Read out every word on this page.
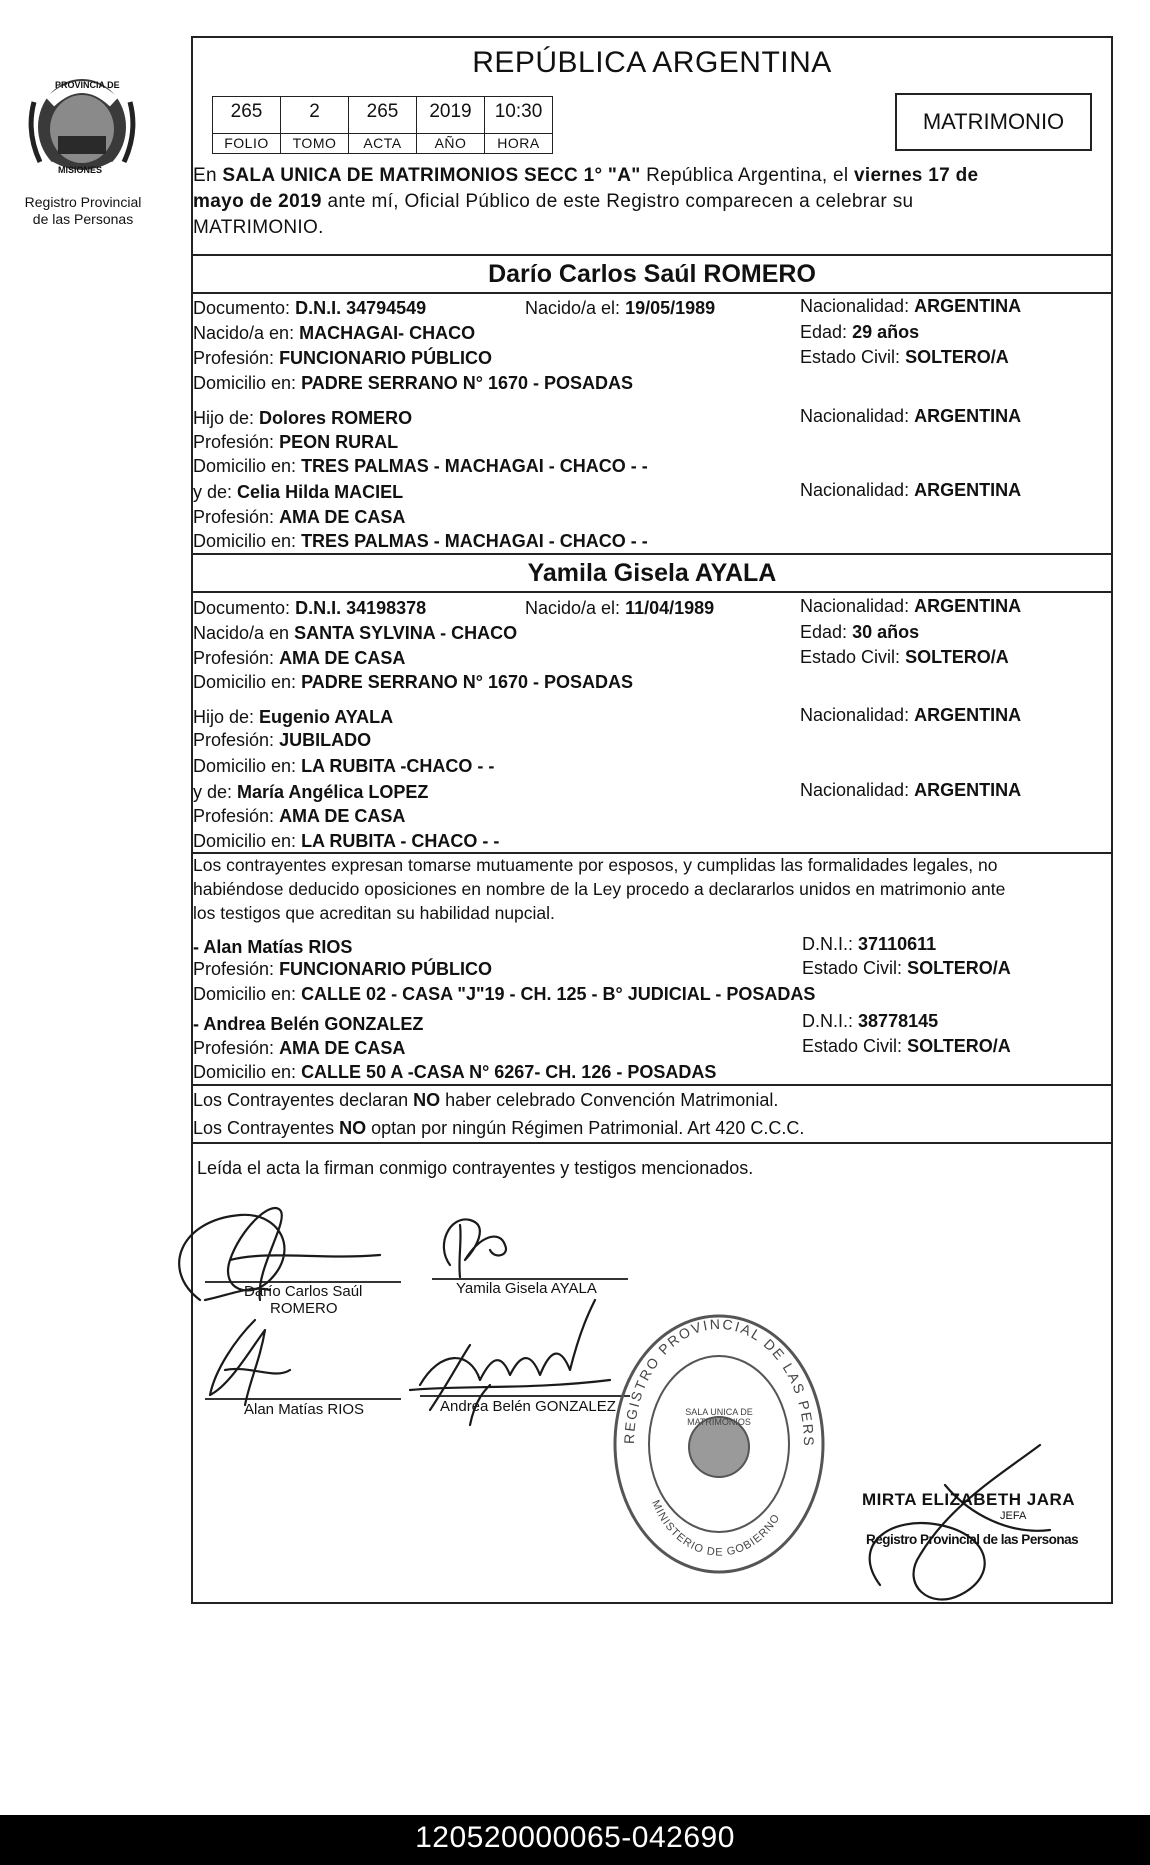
PROVINCIA DE
MISIONES
Registro Provincial
de las Personas
REPÚBLICA ARGENTINA
265	2	265	2019	10:30
FOLIO	TOMO	ACTA	AÑO	HORA
MATRIMONIO
En SALA UNICA DE MATRIMONIOS SECC 1° "A" República Argentina, el viernes 17 de
mayo de 2019 ante mí, Oficial Público de este Registro comparecen a celebrar su
MATRIMONIO.
Darío Carlos Saúl ROMERO
Documento: D.N.I. 34794549	Nacido/a el: 19/05/1989	Nacionalidad: ARGENTINA
Nacido/a en: MACHAGAI- CHACO	Edad: 29 años
Profesión: FUNCIONARIO PÚBLICO	Estado Civil: SOLTERO/A
Domicilio en: PADRE SERRANO N° 1670 - POSADAS
Hijo de: Dolores ROMERO	Nacionalidad: ARGENTINA
Profesión: PEON RURAL
Domicilio en: TRES PALMAS - MACHAGAI - CHACO - -
y de: Celia Hilda MACIEL	Nacionalidad: ARGENTINA
Profesión: AMA DE CASA
Domicilio en: TRES PALMAS - MACHAGAI - CHACO - -
Yamila Gisela AYALA
Documento: D.N.I. 34198378	Nacido/a el: 11/04/1989	Nacionalidad: ARGENTINA
Nacido/a en SANTA SYLVINA - CHACO	Edad: 30 años
Profesión: AMA DE CASA	Estado Civil: SOLTERO/A
Domicilio en: PADRE SERRANO N° 1670 - POSADAS
Hijo de: Eugenio AYALA	Nacionalidad: ARGENTINA
Profesión: JUBILADO
Domicilio en: LA RUBITA -CHACO - -
y de: María Angélica LOPEZ	Nacionalidad: ARGENTINA
Profesión: AMA DE CASA
Domicilio en: LA RUBITA - CHACO - -
Los contrayentes expresan tomarse mutuamente por esposos, y cumplidas las formalidades legales, no
habiéndose deducido oposiciones en nombre de la Ley procedo a declararlos unidos en matrimonio ante
los testigos que acreditan su habilidad nupcial.
- Alan Matías RIOS	D.N.I.: 37110611
Profesión: FUNCIONARIO PÚBLICO	Estado Civil: SOLTERO/A
Domicilio en: CALLE 02 - CASA "J"19 - CH. 125 - B° JUDICIAL - POSADAS
- Andrea Belén GONZALEZ	D.N.I.: 38778145
Profesión: AMA DE CASA	Estado Civil: SOLTERO/A
Domicilio en: CALLE 50 A -CASA N° 6267- CH. 126 - POSADAS
Los Contrayentes declaran NO haber celebrado Convención Matrimonial.
Los Contrayentes NO optan por ningún Régimen Patrimonial. Art 420 C.C.C.
Leída el acta la firman conmigo contrayentes y testigos mencionados.
Darío Carlos Saúl
ROMERO
Yamila Gisela AYALA
Alan Matías RIOS	Andrea Belén GONZALEZ
REGISTRO PROVINCIAL DE LAS PERS
MINISTERIO DE GOBIERNO
SALA UNICA DE MATRIMONIOS
MIRTA ELIZABETH JARA
JEFA
Registro Provincial de las Personas
120520000065-042690
